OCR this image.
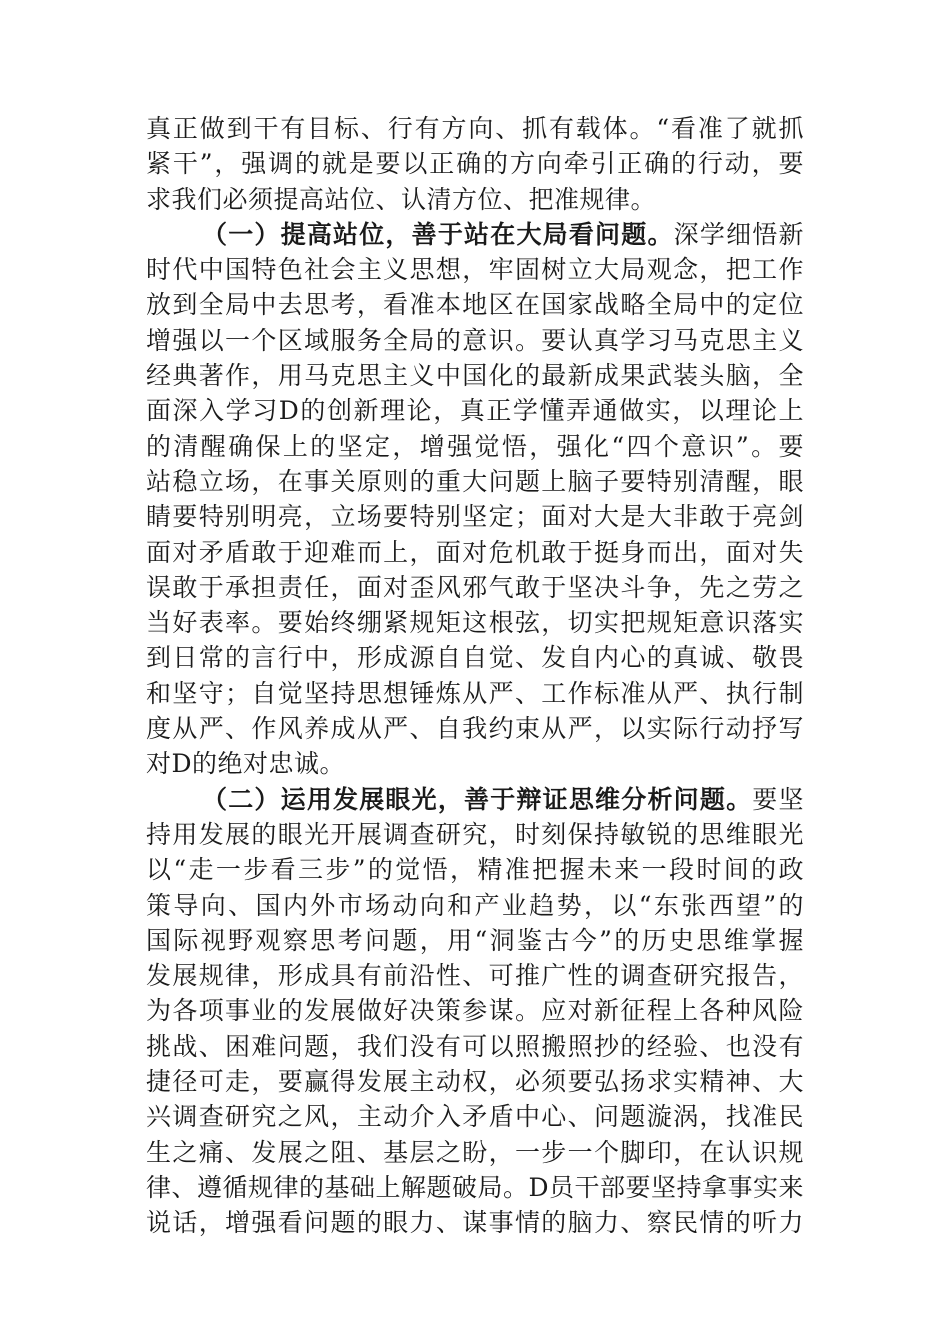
真正做到干有目标、行有方向、抓有载体。“看准了就抓
紧干”，强调的就是要以正确的方向牵引正确的行动，要
求我们必须提高站位、认清方位、把准规律。
（一）提高站位，善于站在大局看问题。深学细悟新
时代中国特色社会主义思想，牢固树立大局观念，把工作
放到全局中去思考，看准本地区在国家战略全局中的定位
增强以一个区域服务全局的意识。要认真学习马克思主义
经典著作，用马克思主义中国化的最新成果武装头脑，全
面深入学习D的创新理论，真正学懂弄通做实，以理论上
的清醒确保上的坚定，增强觉悟，强化“四个意识”。要
站稳立场，在事关原则的重大问题上脑子要特别清醒，眼
睛要特别明亮，立场要特别坚定；面对大是大非敢于亮剑
面对矛盾敢于迎难而上，面对危机敢于挺身而出，面对失
误敢于承担责任，面对歪风邪气敢于坚决斗争，先之劳之
当好表率。要始终绷紧规矩这根弦，切实把规矩意识落实
到日常的言行中，形成源自自觉、发自内心的真诚、敬畏
和坚守；自觉坚持思想锤炼从严、工作标准从严、执行制
度从严、作风养成从严、自我约束从严，以实际行动抒写
对D的绝对忠诚。
（二）运用发展眼光，善于辩证思维分析问题。要坚
持用发展的眼光开展调查研究，时刻保持敏锐的思维眼光
以“走一步看三步”的觉悟，精准把握未来一段时间的政
策导向、国内外市场动向和产业趋势，以“东张西望”的
国际视野观察思考问题，用“洞鉴古今”的历史思维掌握
发展规律，形成具有前沿性、可推广性的调查研究报告，
为各项事业的发展做好决策参谋。应对新征程上各种风险
挑战、困难问题，我们没有可以照搬照抄的经验、也没有
捷径可走，要赢得发展主动权，必须要弘扬求实精神、大
兴调查研究之风，主动介入矛盾中心、问题漩涡，找准民
生之痛、发展之阻、基层之盼，一步一个脚印，在认识规
律、遵循规律的基础上解题破局。D员干部要坚持拿事实来
说话，增强看问题的眼力、谋事情的脑力、察民情的听力
